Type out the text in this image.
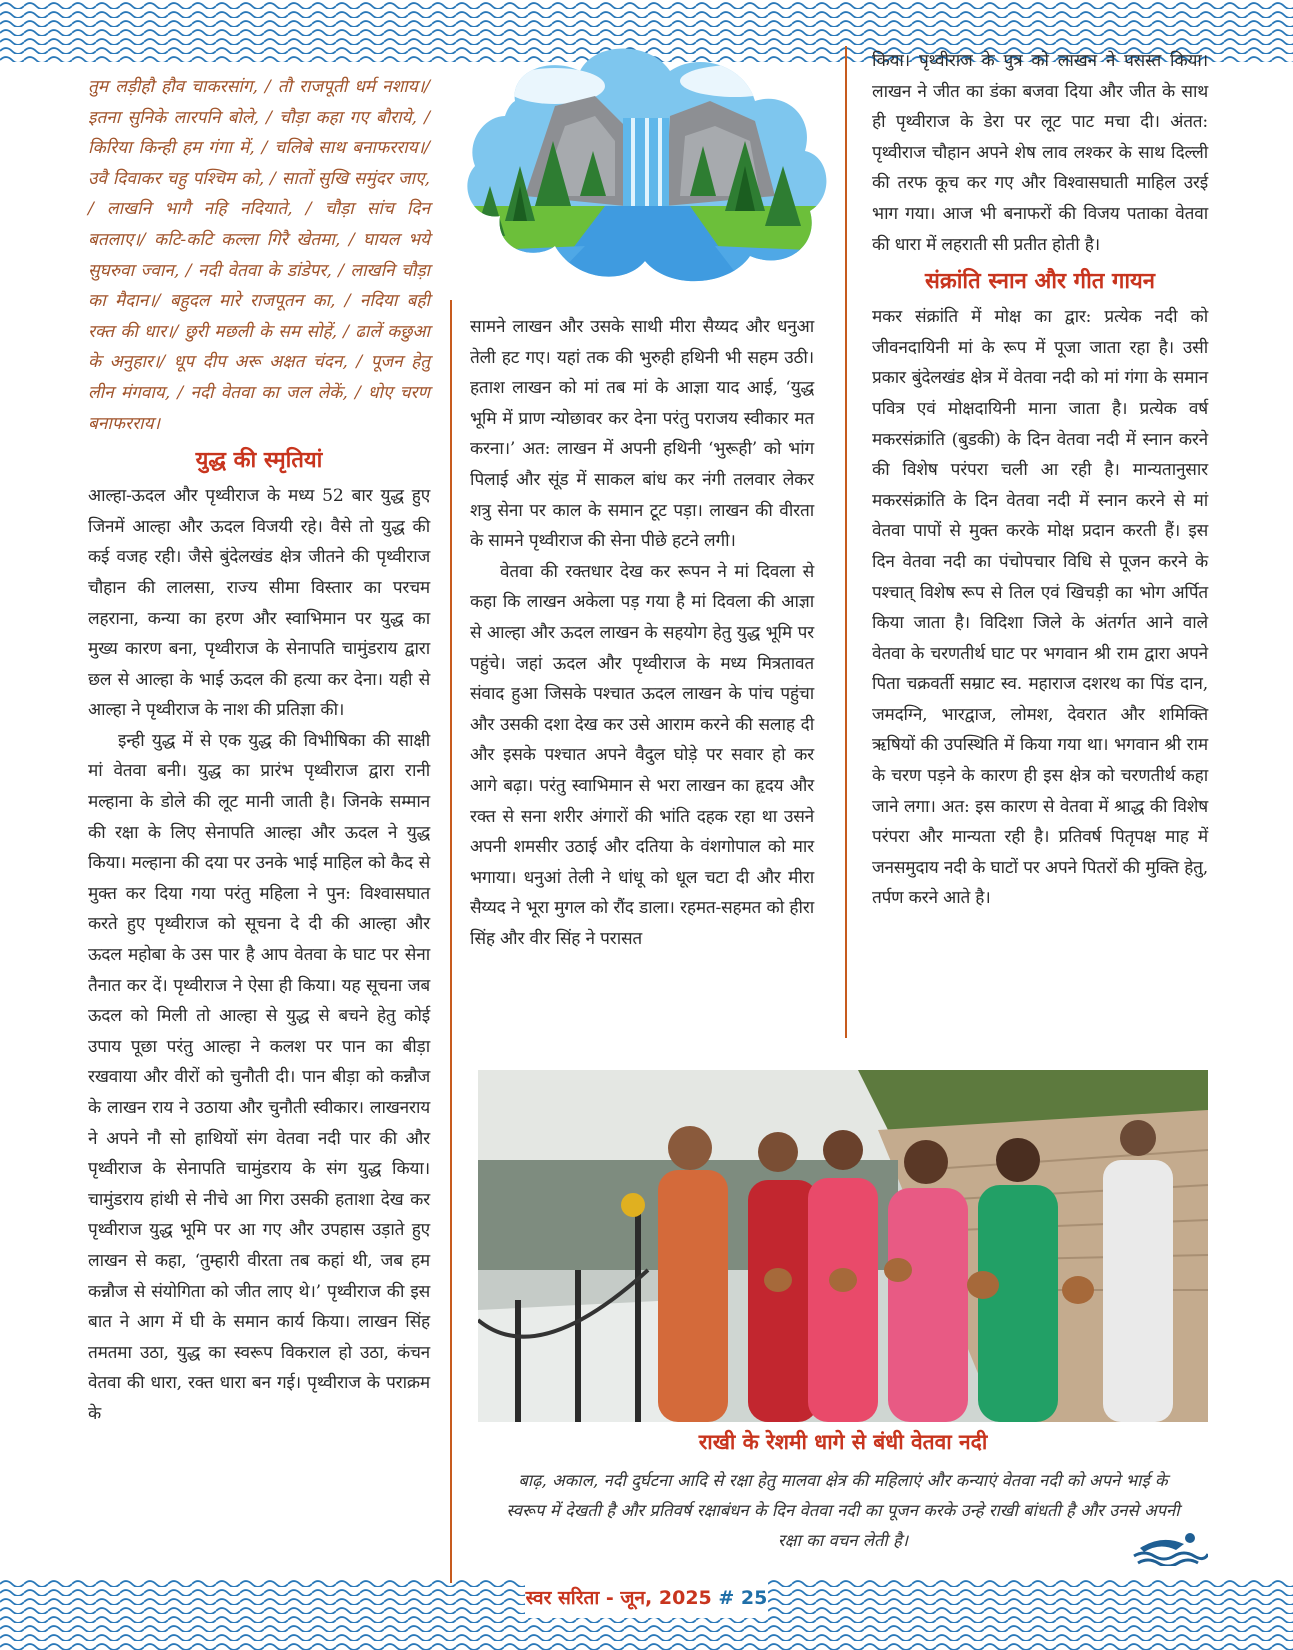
तुम लड़ीहौ हौव चाकरसांग, / तौ राजपूती धर्म नशाय।/ इतना सुनिके लारपनि बोले, / चौड़ा कहा गए बौराये, / किरिया किन्ही हम गंगा में, / चलिबे साथ बनाफरराय।/ उवै दिवाकर चहु पश्चिम को, / सातों सुखि समुंदर जाए, / लाखनि भागै नहि नदियाते, / चौड़ा सांच दिन बतलाए।/ कटि-कटि कल्ला गिरै खेतमा, / घायल भये सुघरुवा ज्वान, / नदी वेतवा के डांडेपर, / लाखनि चौड़ा का मैदान।/ बहुदल मारे राजपूतन का, / नदिया बही रक्त की धार।/ छुरी मछली के सम सोहें, / ढालें कछुआ के अनुहार।/ धूप दीप अरू अक्षत चंदन, / पूजन हेतु लीन मंगवाय, / नदी वेतवा का जल लेकें, / धोए चरण बनाफरराय।

युद्ध की स्मृतियां

आल्हा-ऊदल और पृथ्वीराज के मध्य 52 बार युद्ध हुए जिनमें आल्हा और ऊदल विजयी रहे। वैसे तो युद्ध की कई वजह रही। जैसे बुंदेलखंड क्षेत्र जीतने की पृथ्वीराज चौहान की लालसा, राज्य सीमा विस्तार का परचम लहराना, कन्या का हरण और स्वाभिमान पर युद्ध का मुख्य कारण बना, पृथ्वीराज के सेनापति चामुंडराय द्वारा छल से आल्हा के भाई ऊदल की हत्या कर देना। यही से आल्हा ने पृथ्वीराज के नाश की प्रतिज्ञा की।

इन्ही युद्ध में से एक युद्ध की विभीषिका की साक्षी मां वेतवा बनी। युद्ध का प्रारंभ पृथ्वीराज द्वारा रानी मल्हाना के डोले की लूट मानी जाती है। जिनके सम्मान की रक्षा के लिए सेनापति आल्हा और ऊदल ने युद्ध किया। मल्हाना की दया पर उनके भाई माहिल को कैद से मुक्त कर दिया गया परंतु महिला ने पुन: विश्वासघात करते हुए पृथ्वीराज को सूचना दे दी की आल्हा और ऊदल महोबा के उस पार है आप वेतवा के घाट पर सेना तैनात कर दें। पृथ्वीराज ने ऐसा ही किया। यह सूचना जब ऊदल को मिली तो आल्हा से युद्ध से बचने हेतु कोई उपाय पूछा परंतु आल्हा ने कलश पर पान का बीड़ा रखवाया और वीरों को चुनौती दी। पान बीड़ा को कन्नौज के लाखन राय ने उठाया और चुनौती स्वीकार। लाखनराय ने अपने नौ सो हाथियों संग वेतवा नदी पार की और पृथ्वीराज के सेनापति चामुंडराय के संग युद्ध किया। चामुंडराय हांथी से नीचे आ गिरा उसकी हताशा देख कर पृथ्वीराज युद्ध भूमि पर आ गए और उपहास उड़ाते हुए लाखन से कहा, ‘तुम्हारी वीरता तब कहां थी, जब हम कन्नौज से संयोगिता को जीत लाए थे।’ पृथ्वीराज की इस बात ने आग में घी के समान कार्य किया। लाखन सिंह तमतमा उठा, युद्ध का स्वरूप विकराल हो उठा, कंचन वेतवा की धारा, रक्त धारा बन गई। पृथ्वीराज के पराक्रम के

सामने लाखन और उसके साथी मीरा सैय्यद और धनुआ तेली हट गए। यहां तक की भुरुही हथिनी भी सहम उठी। हताश लाखन को मां तब मां के आज्ञा याद आई, ‘युद्ध भूमि में प्राण न्योछावर कर देना परंतु पराजय स्वीकार मत करना।’ अत: लाखन में अपनी हथिनी ‘भुरूही’ को भांग पिलाई और सूंड में साकल बांध कर नंगी तलवार लेकर शत्रु सेना पर काल के समान टूट पड़ा। लाखन की वीरता के सामने पृथ्वीराज की सेना पीछे हटने लगी।

वेतवा की रक्तधार देख कर रूपन ने मां दिवला से कहा कि लाखन अकेला पड़ गया है मां दिवला की आज्ञा से आल्हा और ऊदल लाखन के सहयोग हेतु युद्ध भूमि पर पहुंचे। जहां ऊदल और पृथ्वीराज के मध्य मित्रतावत संवाद हुआ जिसके पश्चात ऊदल लाखन के पांच पहुंचा और उसकी दशा देख कर उसे आराम करने की सलाह दी और इसके पश्चात अपने वैदुल घोड़े पर सवार हो कर आगे बढ़ा। परंतु स्वाभिमान से भरा लाखन का हृदय और रक्त से सना शरीर अंगारों की भांति दहक रहा था उसने अपनी शमसीर उठाई और दतिया के वंशगोपाल को मार भगाया। धनुआं तेली ने धांधू को धूल चटा दी और मीरा सैय्यद ने भूरा मुगल को रौंद डाला। रहमत-सहमत को हीरा सिंह और वीर सिंह ने परासत

किया। पृथ्वीराज के पुत्र को लाखन ने परास्त किया। लाखन ने जीत का डंका बजवा दिया और जीत के साथ ही पृथ्वीराज के डेरा पर लूट पाट मचा दी। अंतत: पृथ्वीराज चौहान अपने शेष लाव लश्कर के साथ दिल्ली की तरफ कूच कर गए और विश्वासघाती माहिल उरई भाग गया। आज भी बनाफरों की विजय पताका वेतवा की धारा में लहराती सी प्रतीत होती है।

संक्रांति स्नान और गीत गायन

मकर संक्रांति में मोक्ष का द्वार: प्रत्येक नदी को जीवनदायिनी मां के रूप में पूजा जाता रहा है। उसी प्रकार बुंदेलखंड क्षेत्र में वेतवा नदी को मां गंगा के समान पवित्र एवं मोक्षदायिनी माना जाता है। प्रत्येक वर्ष मकरसंक्रांति (बुडकी) के दिन वेतवा नदी में स्नान करने की विशेष परंपरा चली आ रही है। मान्यतानुसार मकरसंक्रांति के दिन वेतवा नदी में स्नान करने से मां वेतवा पापों से मुक्त करके मोक्ष प्रदान करती हैं। इस दिन वेतवा नदी का पंचोपचार विधि से पूजन करने के पश्चात् विशेष रूप से तिल एवं खिचड़ी का भोग अर्पित किया जाता है। विदिशा जिले के अंतर्गत आने वाले वेतवा के चरणतीर्थ घाट पर भगवान श्री राम द्वारा अपने पिता चक्रवर्ती सम्राट स्व. महाराज दशरथ का पिंड दान, जमदग्नि, भारद्वाज, लोमश, देवरात और शमिक्ति ऋषियों की उपस्थिति में किया गया था। भगवान श्री राम के चरण पड़ने के कारण ही इस क्षेत्र को चरणतीर्थ कहा जाने लगा। अत: इस कारण से वेतवा में श्राद्ध की विशेष परंपरा और मान्यता रही है। प्रतिवर्ष पितृपक्ष माह में जनसमुदाय नदी के घाटों पर अपने पितरों की मुक्ति हेतु, तर्पण करने आते है।

राखी के रेशमी धागे से बंधी वेतवा नदी
बाढ़, अकाल, नदी दुर्घटना आदि से रक्षा हेतु मालवा क्षेत्र की महिलाएं और कन्याएं वेतवा नदी को अपने भाई के स्वरूप में देखती है और प्रतिवर्ष रक्षाबंधन के दिन वेतवा नदी का पूजन करके उन्हे राखी बांधती है और उनसे अपनी रक्षा का वचन लेती है।
स्वर सरिता - जून, 2025 # 25
